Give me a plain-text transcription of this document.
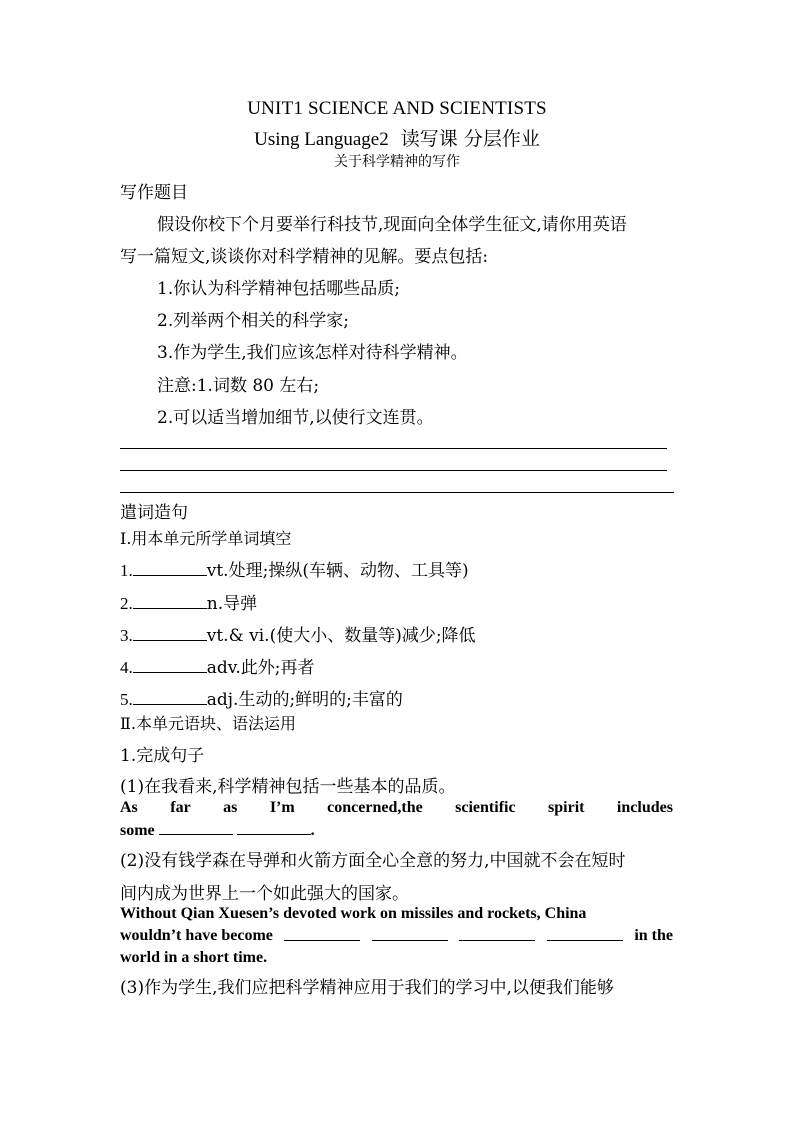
UNIT1 SCIENCE AND SCIENTISTS
Using Language2 读写课 分层作业
关于科学精神的写作
写作题目
假设你校下个月要举行科技节,现面向全体学生征文,请你用英语
写一篇短文,谈谈你对科学精神的见解。要点包括:
1.你认为科学精神包括哪些品质;
2.列举两个相关的科学家;
3.作为学生,我们应该怎样对待科学精神。
注意:1.词数 80 左右;
2.可以适当增加细节,以使行文连贯。
遣词造句
Ⅰ.用本单元所学单词填空
1.	vt.处理;操纵(车辆、动物、工具等)
2.	n.导弹
3.	vt.& vi.(使大小、数量等)减少;降低
4.	adv.此外;再者
5.	adj.生动的;鲜明的;丰富的
Ⅱ.本单元语块、语法运用
1.完成句子
(1)在我看来,科学精神包括一些基本的品质。
As far as I’m concerned,the scientific spirit includes
some	.
(2)没有钱学森在导弹和火箭方面全心全意的努力,中国就不会在短时
间内成为世界上一个如此强大的国家。
Without Qian Xuesen’s devoted work on missiles and rockets, China
wouldn’t have become	in the
world in a short time.
(3)作为学生,我们应把科学精神应用于我们的学习中,以便我们能够
